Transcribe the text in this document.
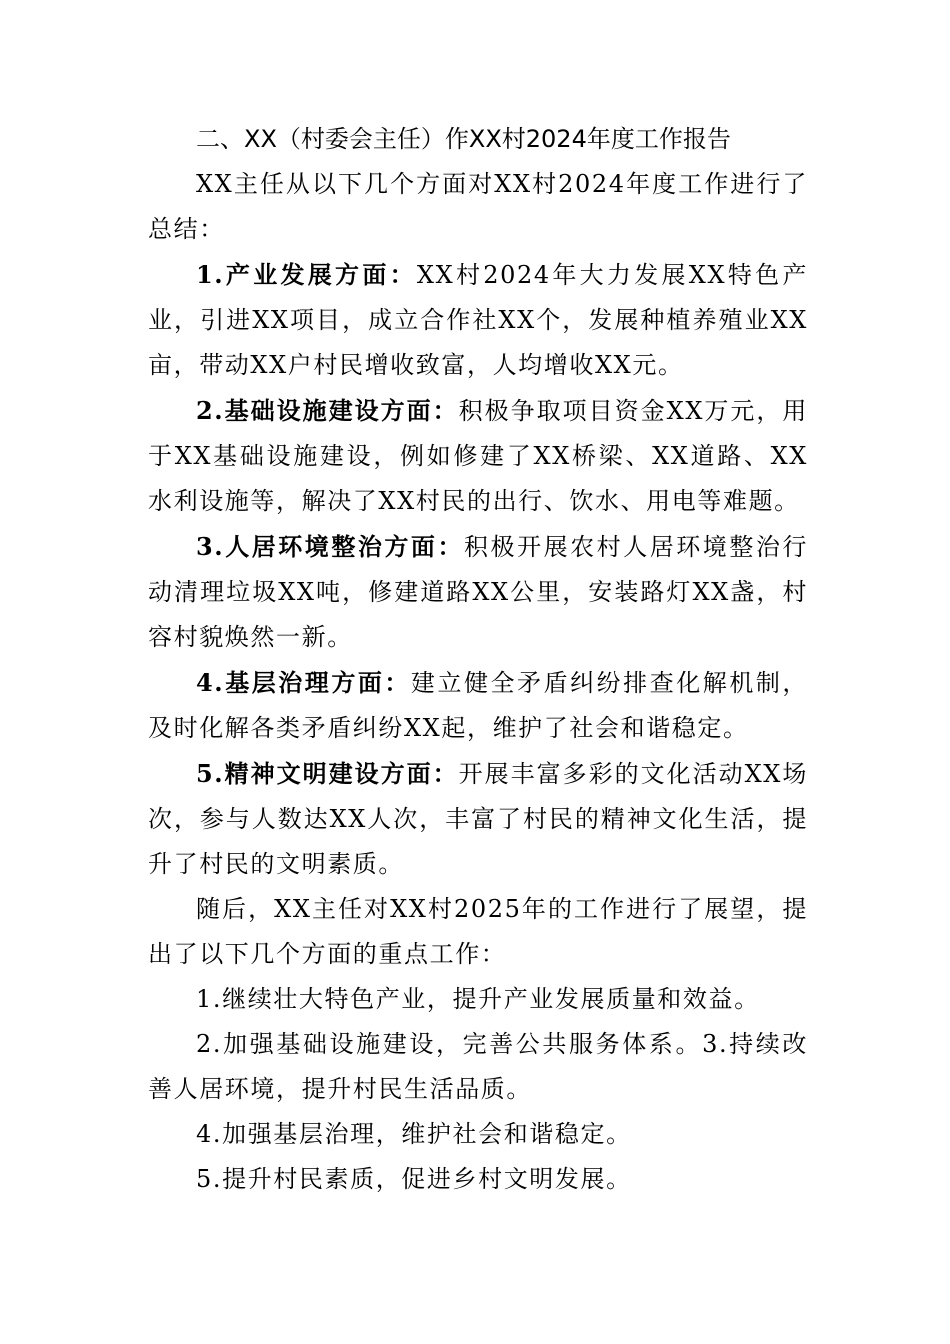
二、XX（村委会主任）作XX村2024年度工作报告

XX主任从以下几个方面对XX村2024年度工作进行了总结：

1.产业发展方面：XX村2024年大力发展XX特色产业，引进XX项目，成立合作社XX个，发展种植养殖业XX亩，带动XX户村民增收致富，人均增收XX元。

2.基础设施建设方面：积极争取项目资金XX万元，用于XX基础设施建设，例如修建了XX桥梁、XX道路、XX水利设施等，解决了XX村民的出行、饮水、用电等难题。

3.人居环境整治方面：积极开展农村人居环境整治行动清理垃圾XX吨，修建道路XX公里，安装路灯XX盏，村容村貌焕然一新。

4.基层治理方面：建立健全矛盾纠纷排查化解机制，及时化解各类矛盾纠纷XX起，维护了社会和谐稳定。

5.精神文明建设方面：开展丰富多彩的文化活动XX场次，参与人数达XX人次，丰富了村民的精神文化生活，提升了村民的文明素质。

随后，XX主任对XX村2025年的工作进行了展望，提出了以下几个方面的重点工作：

1.继续壮大特色产业，提升产业发展质量和效益。

2.加强基础设施建设，完善公共服务体系。3.持续改善人居环境，提升村民生活品质。

4.加强基层治理，维护社会和谐稳定。

5.提升村民素质，促进乡村文明发展。
